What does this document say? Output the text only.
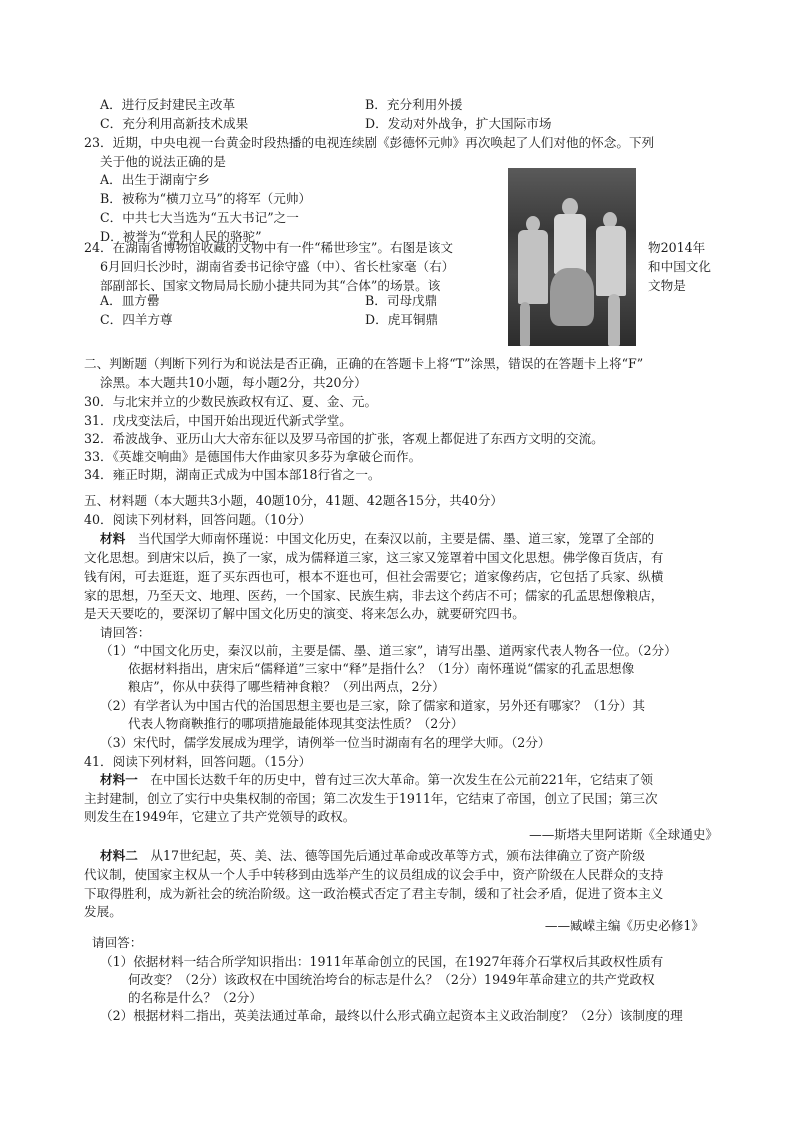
A．进行反封建民主改革	B．充分利用外援
C．充分利用高新技术成果	D．发动对外战争，扩大国际市场
23．近期，中央电视一台黄金时段热播的电视连续剧《彭德怀元帅》再次唤起了人们对他的怀念。下列
关于他的说法正确的是
A．出生于湖南宁乡
B．被称为“横刀立马”的将军（元帅）
C．中共七大当选为“五大书记”之一
D．被誉为“党和人民的骆驼”
24．在湖南省博物馆收藏的文物中有一件“稀世珍宝”。右图是该文	物2014年
6月回归长沙时，湖南省委书记徐守盛（中）、省长杜家毫（右）	和中国文化
部副部长、国家文物局局长励小捷共同为其“合体”的场景。该	文物是
A．皿方罍	B．司母戊鼎
C．四羊方尊	D．虎耳铜鼎
二、判断题（判断下列行为和说法是否正确，正确的在答题卡上将“T”涂黑，错误的在答题卡上将“F”
涂黑。本大题共10小题，每小题2分，共20分）
30．与北宋并立的少数民族政权有辽、夏、金、元。
31．戊戌变法后，中国开始出现近代新式学堂。
32．希波战争、亚历山大大帝东征以及罗马帝国的扩张，客观上都促进了东西方文明的交流。
33．《英雄交响曲》是德国伟大作曲家贝多芬为拿破仑而作。
34．雍正时期，湖南正式成为中国本部18行省之一。
五、材料题（本大题共3小题，40题10分，41题、42题各15分，共40分）
40．阅读下列材料，回答问题。（10分）
材料　当代国学大师南怀瑾说：中国文化历史，在秦汉以前，主要是儒、墨、道三家，笼罩了全部的
文化思想。到唐宋以后，换了一家，成为儒释道三家，这三家又笼罩着中国文化思想。佛学像百货店，有
钱有闲，可去逛逛，逛了买东西也可，根本不逛也可，但社会需要它；道家像药店，它包括了兵家、纵横
家的思想，乃至天文、地理、医药，一个国家、民族生病，非去这个药店不可；儒家的孔孟思想像粮店，
是天天要吃的，要深切了解中国文化历史的演变、将来怎么办，就要研究四书。
请回答：
（1）“中国文化历史，秦汉以前，主要是儒、墨、道三家”，请写出墨、道两家代表人物各一位。（2分）
依据材料指出，唐宋后“儒释道”三家中“释”是指什么？（1分）南怀瑾说“儒家的孔孟思想像
粮店”，你从中获得了哪些精神食粮？（列出两点，2分）
（2）有学者认为中国古代的治国思想主要也是三家，除了儒家和道家，另外还有哪家？（1分）其
代表人物商鞅推行的哪项措施最能体现其变法性质？（2分）
（3）宋代时，儒学发展成为理学，请例举一位当时湖南有名的理学大师。（2分）
41．阅读下列材料，回答问题。（15分）
材料一　在中国长达数千年的历史中，曾有过三次大革命。第一次发生在公元前221年，它结束了领
主封建制，创立了实行中央集权制的帝国；第二次发生于1911年，它结束了帝国，创立了民国；第三次
则发生在1949年，它建立了共产党领导的政权。
——斯塔夫里阿诺斯《全球通史》
材料二　从17世纪起，英、美、法、德等国先后通过革命或改革等方式，颁布法律确立了资产阶级
代议制，使国家主权从一个人手中转移到由选举产生的议员组成的议会手中，资产阶级在人民群众的支持
下取得胜利，成为新社会的统治阶级。这一政治模式否定了君主专制，缓和了社会矛盾，促进了资本主义
发展。
——臧嵘主编《历史必修1》
请回答：
（1）依据材料一结合所学知识指出：1911年革命创立的民国，在1927年蒋介石掌权后其政权性质有
何改变？（2分）该政权在中国统治垮台的标志是什么？（2分）1949年革命建立的共产党政权
的名称是什么？（2分）
（2）根据材料二指出，英美法通过革命，最终以什么形式确立起资本主义政治制度？（2分）该制度的理
